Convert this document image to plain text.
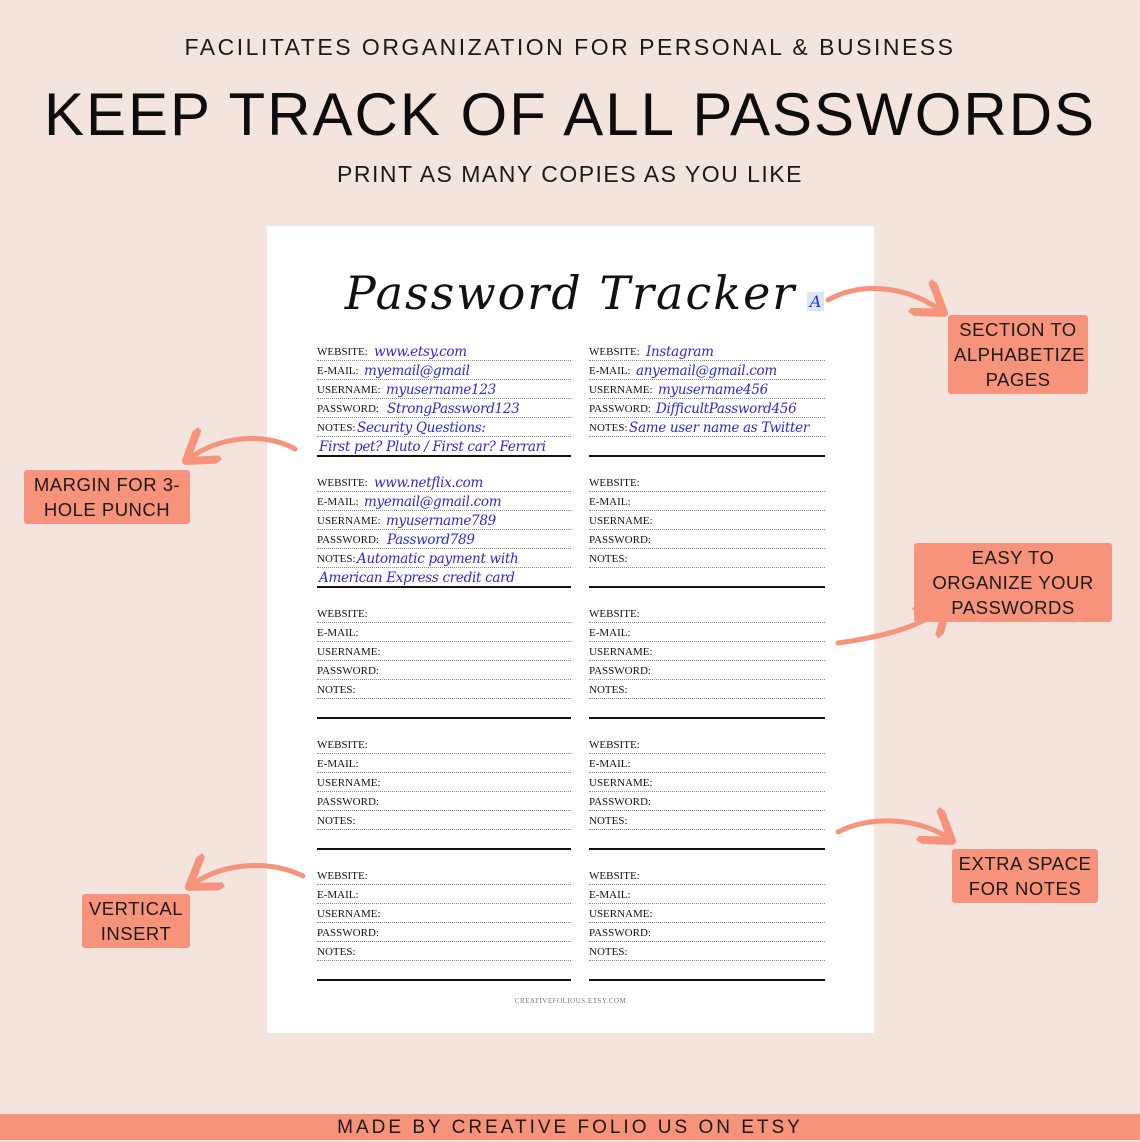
FACILITATES ORGANIZATION FOR PERSONAL & BUSINESS
KEEP TRACK OF ALL PASSWORDS
PRINT AS MANY COPIES AS YOU LIKE
Password Tracker A
WEBSITE: www.etsy.com
E-MAIL: myemail@gmail
USERNAME: myusername123
PASSWORD: StrongPassword123
NOTES: Security Questions:
First pet? Pluto / First car? Ferrari
WEBSITE: Instagram
E-MAIL: anyemail@gmail.com
USERNAME: myusername456
PASSWORD: DifficultPassword456
NOTES: Same user name as Twitter
WEBSITE: www.netflix.com
E-MAIL: myemail@gmail.com
USERNAME: myusername789
PASSWORD: Password789
NOTES: Automatic payment with
American Express credit card
WEBSITE:
E-MAIL:
USERNAME:
PASSWORD:
NOTES:
WEBSITE:
E-MAIL:
USERNAME:
PASSWORD:
NOTES:
WEBSITE:
E-MAIL:
USERNAME:
PASSWORD:
NOTES:
WEBSITE:
E-MAIL:
USERNAME:
PASSWORD:
NOTES:
WEBSITE:
E-MAIL:
USERNAME:
PASSWORD:
NOTES:
WEBSITE:
E-MAIL:
USERNAME:
PASSWORD:
NOTES:
WEBSITE:
E-MAIL:
USERNAME:
PASSWORD:
NOTES:
CREATIVEFOLIOUS.ETSY.COM
SECTION TO ALPHABETIZE PAGES
MARGIN FOR 3-HOLE PUNCH
EASY TO ORGANIZE YOUR PASSWORDS
EXTRA SPACE FOR NOTES
VERTICAL INSERT
MADE BY CREATIVE FOLIO US ON ETSY
